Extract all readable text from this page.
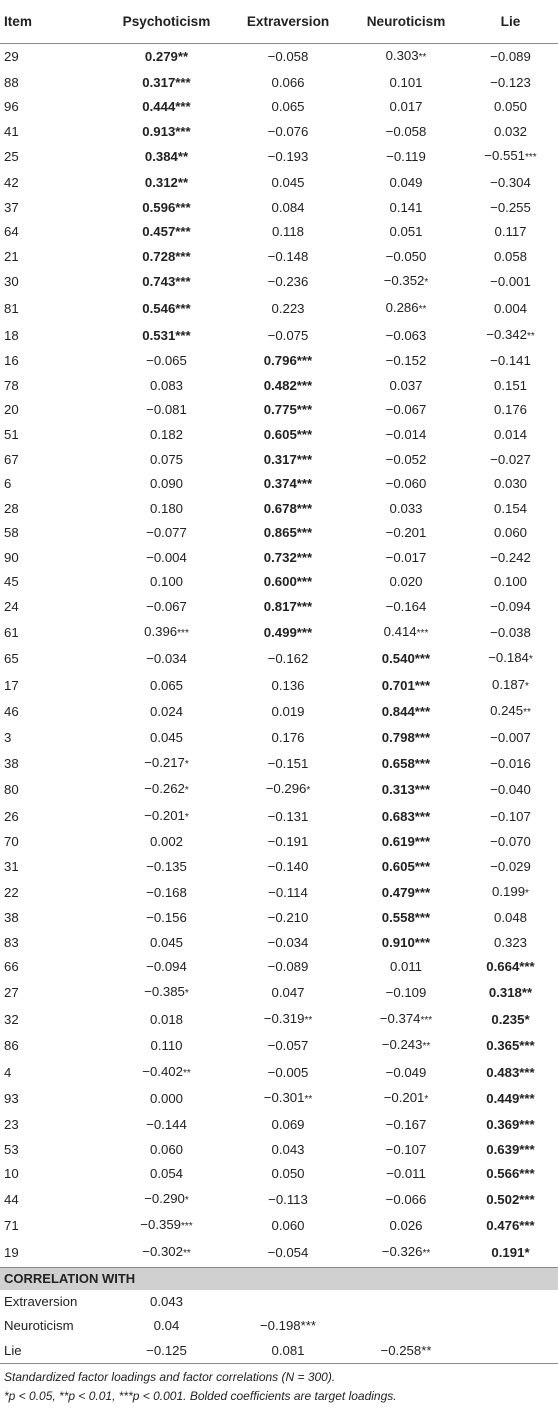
Item	Psychoticism	Extraversion	Neuroticism	Lie
29	0.279**	−0.058	0.303**	−0.089
88	0.317***	0.066	0.101	−0.123
96	0.444***	0.065	0.017	0.050
41	0.913***	−0.076	−0.058	0.032
25	0.384**	−0.193	−0.119	−0.551***
42	0.312**	0.045	0.049	−0.304
37	0.596***	0.084	0.141	−0.255
64	0.457***	0.118	0.051	0.117
21	0.728***	−0.148	−0.050	0.058
30	0.743***	−0.236	−0.352*	−0.001
81	0.546***	0.223	0.286**	0.004
18	0.531***	−0.075	−0.063	−0.342**
16	−0.065	0.796***	−0.152	−0.141
78	0.083	0.482***	0.037	0.151
20	−0.081	0.775***	−0.067	0.176
51	0.182	0.605***	−0.014	0.014
67	0.075	0.317***	−0.052	−0.027
6	0.090	0.374***	−0.060	0.030
28	0.180	0.678***	0.033	0.154
58	−0.077	0.865***	−0.201	0.060
90	−0.004	0.732***	−0.017	−0.242
45	0.100	0.600***	0.020	0.100
24	−0.067	0.817***	−0.164	−0.094
61	0.396***	0.499***	0.414***	−0.038
65	−0.034	−0.162	0.540***	−0.184*
17	0.065	0.136	0.701***	0.187*
46	0.024	0.019	0.844***	0.245**
3	0.045	0.176	0.798***	−0.007
38	−0.217*	−0.151	0.658***	−0.016
80	−0.262*	−0.296*	0.313***	−0.040
26	−0.201*	−0.131	0.683***	−0.107
70	0.002	−0.191	0.619***	−0.070
31	−0.135	−0.140	0.605***	−0.029
22	−0.168	−0.114	0.479***	0.199*
38	−0.156	−0.210	0.558***	0.048
83	0.045	−0.034	0.910***	0.323
66	−0.094	−0.089	0.011	0.664***
27	−0.385*	0.047	−0.109	0.318**
32	0.018	−0.319**	−0.374***	0.235*
86	0.110	−0.057	−0.243**	0.365***
4	−0.402**	−0.005	−0.049	0.483***
93	0.000	−0.301**	−0.201*	0.449***
23	−0.144	0.069	−0.167	0.369***
53	0.060	0.043	−0.107	0.639***
10	0.054	0.050	−0.011	0.566***
44	−0.290*	−0.113	−0.066	0.502***
71	−0.359***	0.060	0.026	0.476***
19	−0.302**	−0.054	−0.326**	0.191*
CORRELATION WITH				
Extraversion	0.043			
Neuroticism	0.04	−0.198***		
Lie	−0.125	0.081	−0.258**	
Standardized factor loadings and factor correlations (N = 300).
*p < 0.05, **p < 0.01, ***p < 0.001. Bolded coefficients are target loadings.
